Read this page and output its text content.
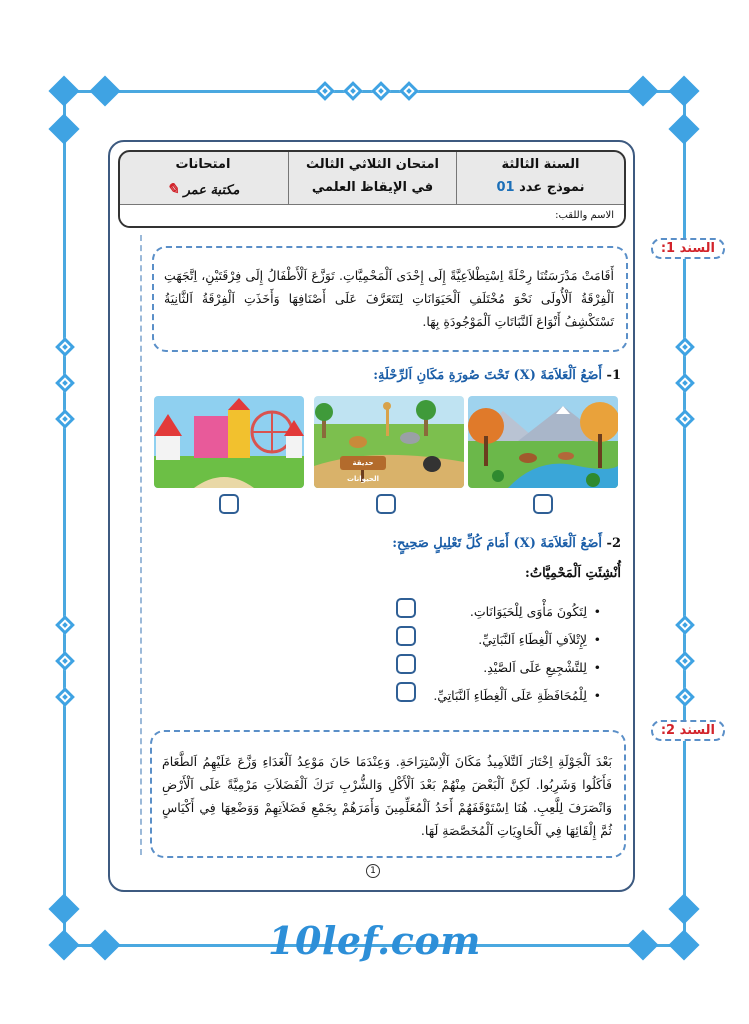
السنة الثالثة
نموذج عدد 01
امتحان الثلاثي الثالث
في الإيقاظ العلمي
امتحانات
✎ مكتبة عمر
الاسم واللقب:
أَقَامَتْ مَدْرَسَتُنَا رِحْلَةً اِسْتِطْلاَعِيَّةً إِلَى إِحْدَى اَلْمَحْمِيَّاتِ. تَوَزَّعَ اَلْأَطْفَالُ إِلَى فِرْقَتَيْنِ، اِتَّجَهَتِ اَلْفِرْقَةُ اَلْأُولَى نَحْوَ مُخْتَلَفِ اَلْحَيَوَانَاتِ لِتَتَعَرَّفَ عَلَى أَصْنَافِهَا وَأَخَذَتِ اَلْفِرْقَةُ اَلثَّانِيَةُ تَسْتَكْشِفُ أَنْوَاعَ اَلنَّبَاتَاتِ اَلْمَوْجُودَةِ بِهَا.
السند 1:
1- أَضَعُ اَلْعَلاَمَةَ (X) تَحْتَ صُورَةِ مَكَانِ اَلرِّحْلَةِ:
حديقة الحيوانات
2- أَضَعُ اَلْعَلاَمَةَ (X) أَمَامَ كُلِّ تَعْلِيلٍ صَحِيحٍ:
أُنْشِئَتِ اَلْمَحْمِيَّاتُ:
• لِتَكُونَ مَأْوَى لِلْحَيَوَانَاتِ.
• لِإِتْلاَفِ اَلْغِطَاءِ اَلنَّبَاتِيِّ.
• لِلتَّشْجِيعِ عَلَى اَلصَّيْدِ.
• لِلْمُحَافَظَةِ عَلَى اَلْغِطَاءِ اَلنَّبَاتِيِّ.
بَعْدَ اَلْجَوْلَةِ اِخْتَارَ اَلتَّلاَمِيذُ مَكَانَ اَلْاِسْتِرَاحَةِ. وَعِنْدَمَا حَانَ مَوْعِدُ اَلْغَدَاءِ وَزَّعَ عَلَيْهِمُ اَلطَّعَامَ فَأَكَلُوا وَشَرِبُوا. لَكِنَّ اَلْبَعْضَ مِنْهُمْ بَعْدَ اَلْأَكْلِ وَالشُّرْبِ تَرَكَ اَلْفَضَلاَتِ مَرْمِيَّةً عَلَى اَلْأَرْضِ وَانْصَرَفَ لِلَّعِبِ. هُنَا اِسْتَوْقَفَهُمْ أَحَدُ اَلْمُعَلِّمِينَ وَأَمَرَهُمْ بِجَمْعِ فَضَلاَتِهِمْ وَوَضْعِهَا فِي أَكْيَاسٍ ثُمَّ إِلْقَائِهَا فِي اَلْحَاوِيَاتِ اَلْمُخَصَّصَةِ لَهَا.
السند 2:
1
10lef.com
